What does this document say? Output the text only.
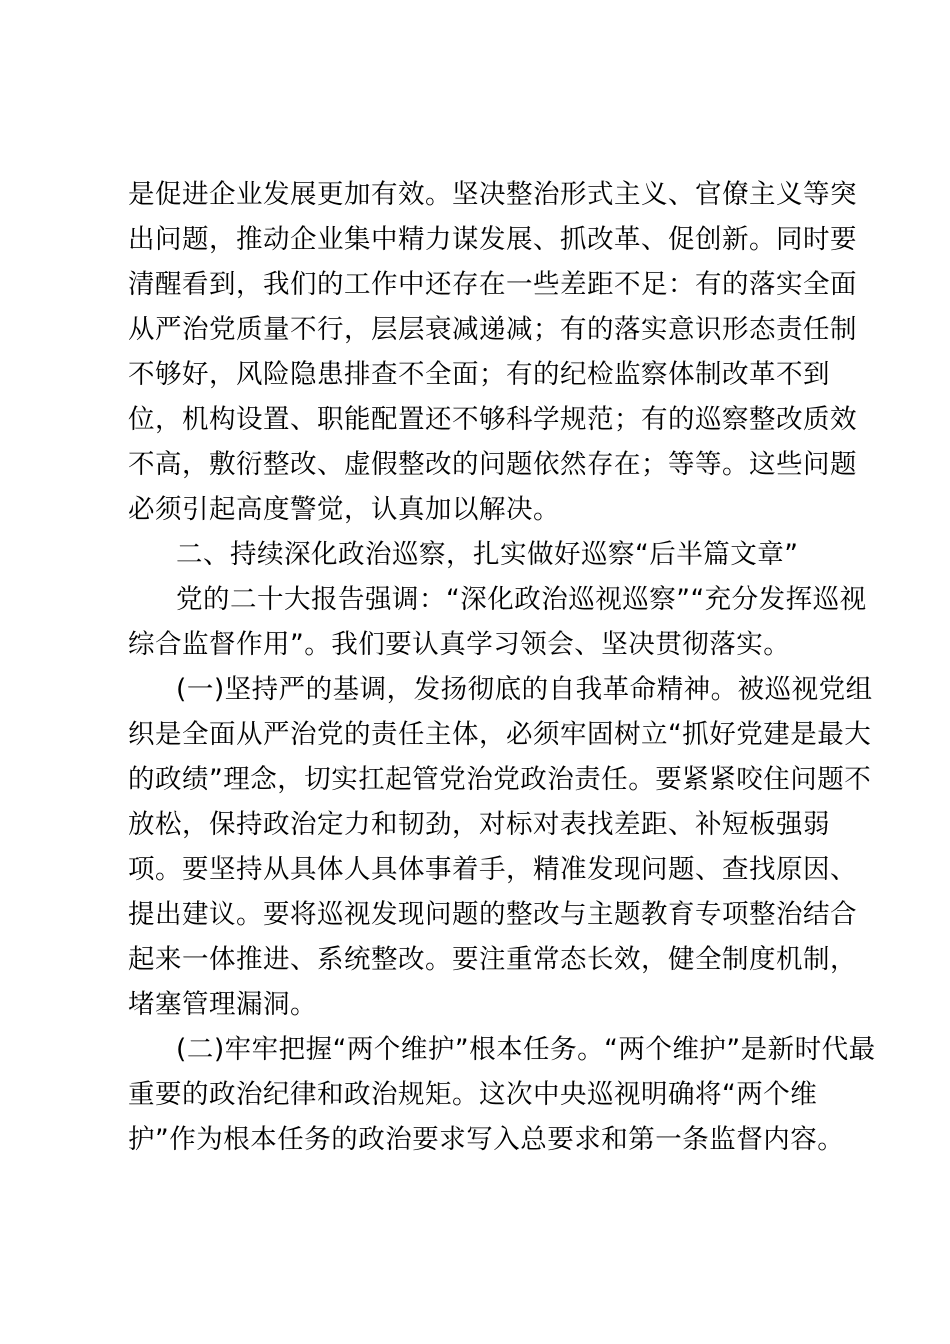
是促进企业发展更加有效。坚决整治形式主义、官僚主义等突
出问题，推动企业集中精力谋发展、抓改革、促创新。同时要
清醒看到，我们的工作中还存在一些差距不足：有的落实全面
从严治党质量不行，层层衰减递减；有的落实意识形态责任制
不够好，风险隐患排查不全面；有的纪检监察体制改革不到
位，机构设置、职能配置还不够科学规范；有的巡察整改质效
不高，敷衍整改、虚假整改的问题依然存在；等等。这些问题
必须引起高度警觉，认真加以解决。
二、持续深化政治巡察，扎实做好巡察“后半篇文章”
党的二十大报告强调：“深化政治巡视巡察”“充分发挥巡视
综合监督作用”。我们要认真学习领会、坚决贯彻落实。
(一)坚持严的基调，发扬彻底的自我革命精神。被巡视党组
织是全面从严治党的责任主体，必须牢固树立“抓好党建是最大
的政绩”理念，切实扛起管党治党政治责任。要紧紧咬住问题不
放松，保持政治定力和韧劲，对标对表找差距、补短板强弱
项。要坚持从具体人具体事着手，精准发现问题、查找原因、
提出建议。要将巡视发现问题的整改与主题教育专项整治结合
起来一体推进、系统整改。要注重常态长效，健全制度机制，
堵塞管理漏洞。
(二)牢牢把握“两个维护”根本任务。“两个维护”是新时代最
重要的政治纪律和政治规矩。这次中央巡视明确将“两个维
护”作为根本任务的政治要求写入总要求和第一条监督内容。
